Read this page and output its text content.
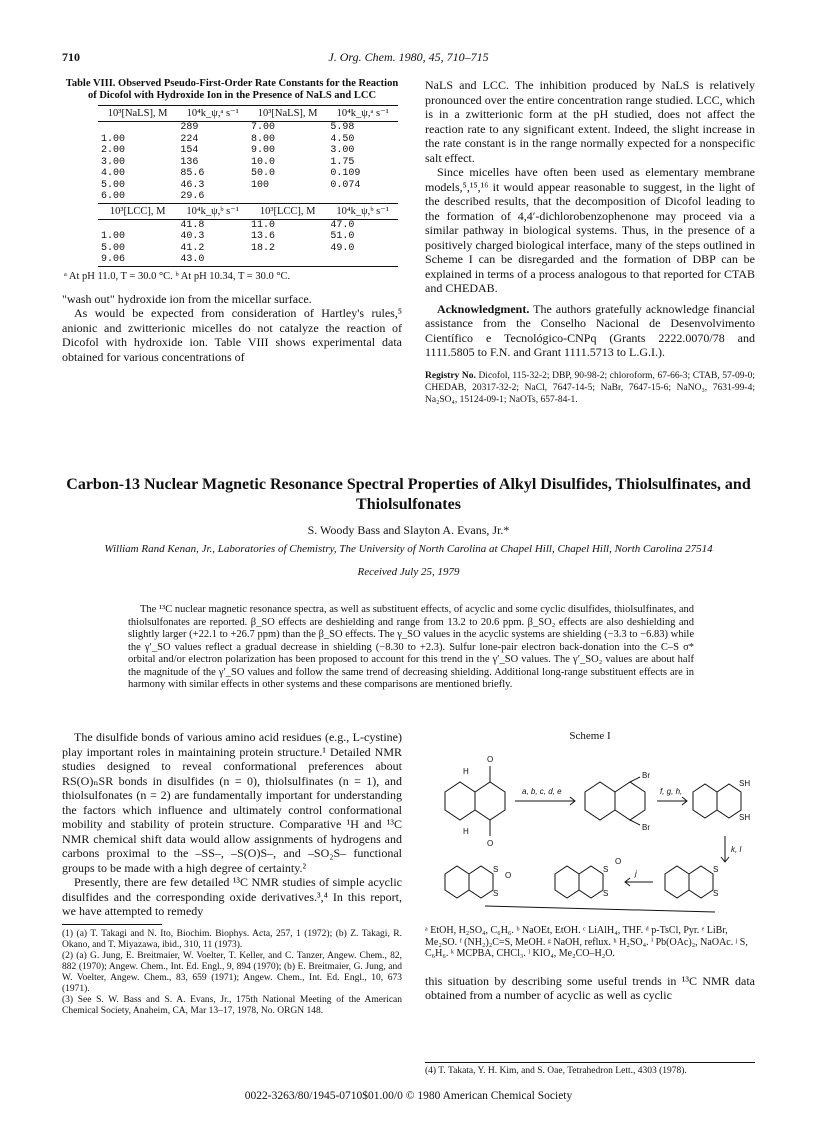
710	J. Org. Chem. 1980, 45, 710–715
Table VIII. Observed Pseudo-First-Order Rate Constants for the Reaction of Dicofol with Hydroxide Ion in the Presence of NaLS and LCC
10³[NaLS], M	10⁴k_ψ,ᵃ s⁻¹	10³[NaLS], M	10⁴k_ψ,ᵃ s⁻¹
	289	7.00	5.98
1.00	224	8.00	4.50
2.00	154	9.00	3.00
3.00	136	10.0	1.75
4.00	85.6	50.0	0.109
5.00	46.3	100	0.074
6.00	29.6		
10³[LCC], M	10⁴k_ψ,ᵇ s⁻¹	10³[LCC], M	10⁴k_ψ,ᵇ s⁻¹
	41.8	11.0	47.0
1.00	40.3	13.6	51.0
5.00	41.2	18.2	49.0
9.06	43.0		
ᵃ At pH 11.0, T = 30.0 °C. ᵇ At pH 10.34, T = 30.0 °C.

"wash out" hydroxide ion from the micellar surface.

As would be expected from consideration of Hartley's rules,⁵ anionic and zwitterionic micelles do not catalyze the reaction of Dicofol with hydroxide ion. Table VIII shows experimental data obtained for various concentrations of

NaLS and LCC. The inhibition produced by NaLS is relatively pronounced over the entire concentration range studied. LCC, which is in a zwitterionic form at the pH studied, does not affect the reaction rate to any significant extent. Indeed, the slight increase in the rate constant is in the range normally expected for a nonspecific salt effect.

Since micelles have often been used as elementary membrane models,⁵,¹⁵,¹⁶ it would appear reasonable to suggest, in the light of the described results, that the decomposition of Dicofol leading to the formation of 4,4′-dichlorobenzophenone may proceed via a similar pathway in biological systems. Thus, in the presence of a positively charged biological interface, many of the steps outlined in Scheme I can be disregarded and the formation of DBP can be explained in terms of a process analogous to that reported for CTAB and CHEDAB.

Acknowledgment. The authors gratefully acknowledge financial assistance from the Conselho Nacional de Desenvolvimento Científico e Tecnológico-CNPq (Grants 2222.0070/78 and 1111.5805 to F.N. and Grant 1111.5713 to L.G.I.).

Registry No. Dicofol, 115-32-2; DBP, 90-98-2; chloroform, 67-66-3; CTAB, 57-09-0; CHEDAB, 20317-32-2; NaCl, 7647-14-5; NaBr, 7647-15-6; NaNO₃, 7631-99-4; Na₂SO₄, 15124-09-1; NaOTs, 657-84-1.
Carbon-13 Nuclear Magnetic Resonance Spectral Properties of Alkyl Disulfides, Thiolsulfinates, and Thiolsulfonates
S. Woody Bass and Slayton A. Evans, Jr.*
William Rand Kenan, Jr., Laboratories of Chemistry, The University of North Carolina at Chapel Hill, Chapel Hill, North Carolina 27514
Received July 25, 1979
The ¹³C nuclear magnetic resonance spectra, as well as substituent effects, of acyclic and some cyclic disulfides, thiolsulfinates, and thiolsulfonates are reported. β_SO effects are deshielding and range from 13.2 to 20.6 ppm. β_SO₂ effects are also deshielding and slightly larger (+22.1 to +26.7 ppm) than the β_SO effects. The γ_SO values in the acyclic systems are shielding (−3.3 to −6.83) while the γ′_SO values reflect a gradual decrease in shielding (−8.30 to +2.3). Sulfur lone-pair electron back-donation into the C–S σ* orbital and/or electron polarization has been proposed to account for this trend in the γ′_SO values. The γ′_SO₂ values are about half the magnitude of the γ′_SO values and follow the same trend of decreasing shielding. Additional long-range substituent effects are in harmony with similar effects in other systems and these comparisons are mentioned briefly.

The disulfide bonds of various amino acid residues (e.g., L-cystine) play important roles in maintaining protein structure.¹ Detailed NMR studies designed to reveal conformational preferences about RS(O)ₙSR bonds in disulfides (n = 0), thiolsulfinates (n = 1), and thiolsulfonates (n = 2) are fundamentally important for understanding the factors which influence and ultimately control conformational mobility and stability of protein structure. Comparative ¹H and ¹³C NMR chemical shift data would allow assignments of hydrogens and carbons proximal to the –SS–, –S(O)S–, and –SO₂S– functional groups to be made with a high degree of certainty.²

Presently, there are few detailed ¹³C NMR studies of simple acyclic disulfides and the corresponding oxide derivatives.³,⁴ In this report, we have attempted to remedy

(1) (a) T. Takagi and N. Ito, Biochim. Biophys. Acta, 257, 1 (1972); (b) Z. Takagi, R. Okano, and T. Miyazawa, ibid., 310, 11 (1973).

(2) (a) G. Jung, E. Breitmaier, W. Voelter, T. Keller, and C. Tanzer, Angew. Chem., 82, 882 (1970); Angew. Chem., Int. Ed. Engl., 9, 894 (1970); (b) E. Breitmaier, G. Jung, and W. Voelter, Angew. Chem., 83, 659 (1971); Angew. Chem., Int. Ed. Engl., 10, 673 (1971).

(3) See S. W. Bass and S. A. Evans, Jr., 175th National Meeting of the American Chemical Society, Anaheim, CA, Mar 13–17, 1978, No. ORGN 148.

Scheme I
H
O
H
O
a, b, c, d, e
Br
Br
f, g, h,
SH
SH
k, l
S
S
O
S
S
O
j	S
S
ᵃ EtOH, H₂SO₄, C₆H₆. ᵇ NaOEt, EtOH. ᶜ LiAlH₄, THF. ᵈ p-TsCl, Pyr. ᵉ LiBr, Me₂SO. ᶠ (NH₂)₂C=S, MeOH. ᵍ NaOH, reflux. ʰ H₂SO₄. ⁱ Pb(OAc)₂, NaOAc. ʲ S, C₆H₆. ᵏ MCPBA, CHCl₃. ˡ KIO₄, Me₂CO–H₂O.

this situation by describing some useful trends in ¹³C NMR data obtained from a number of acyclic as well as cyclic

(4) T. Takata, Y. H. Kim, and S. Oae, Tetrahedron Lett., 4303 (1978).
0022-3263/80/1945-0710$01.00/0 © 1980 American Chemical Society
